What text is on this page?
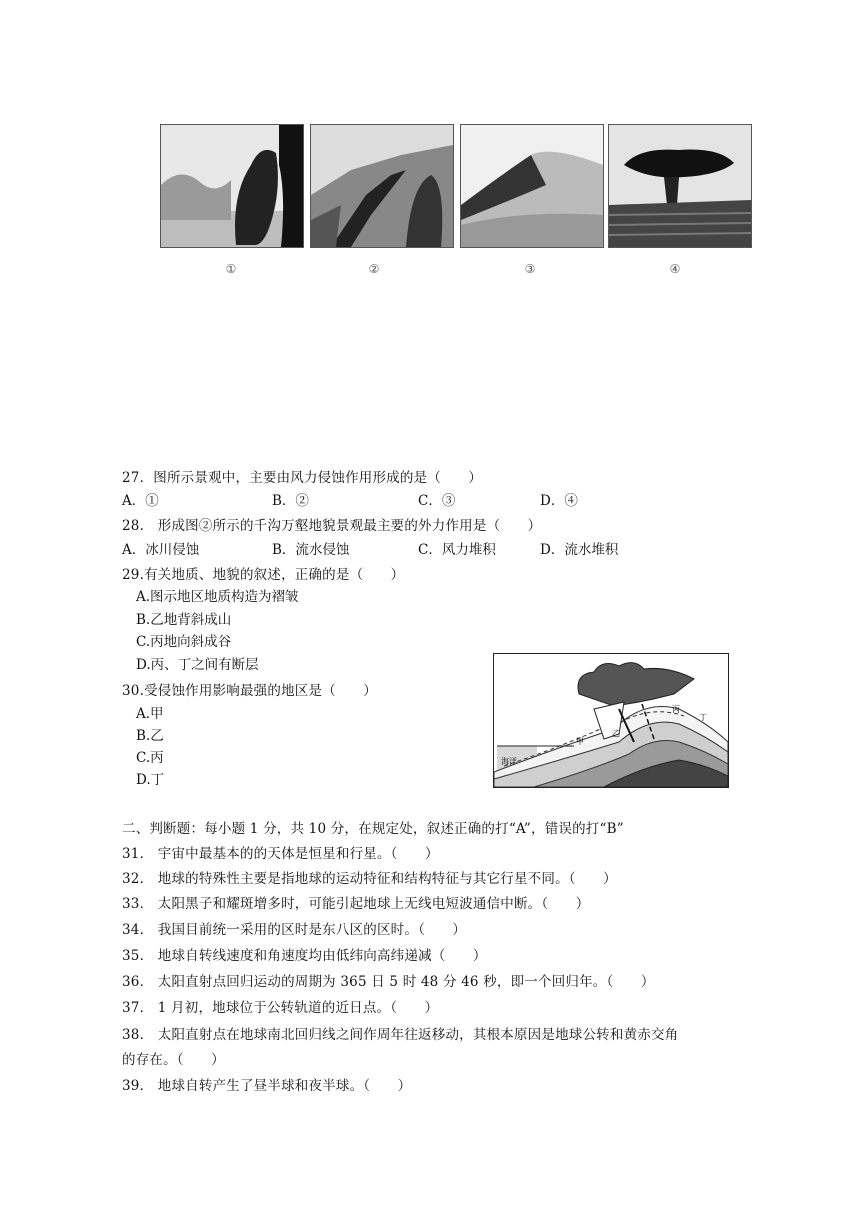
①	②	③	④
27．图所示景观中，主要由风力侵蚀作用形成的是（　　）
A．①	B．②	C．③	D．④
28． 形成图②所示的千沟万壑地貌景观最主要的外力作用是（　　）
A．冰川侵蚀	B．流水侵蚀	C．风力堆积	D．流水堆积
29.有关地质、地貌的叙述，正确的是（　　）
A.图示地区地质构造为褶皱
B.乙地背斜成山
C.丙地向斜成谷
D.丙、丁之间有断层
30.受侵蚀作用影响最强的地区是（　　）
A.甲
B.乙
C.丙
D.丁
海洋
甲
乙
丙
丁
二、判断题：每小题 1 分，共 10 分，在规定处，叙述正确的打“A”，错误的打“B”
31． 宇宙中最基本的的天体是恒星和行星。（　　）
32． 地球的特殊性主要是指地球的运动特征和结构特征与其它行星不同。（　　）
33． 太阳黑子和耀斑增多时，可能引起地球上无线电短波通信中断。（　　）
34． 我国目前统一采用的区时是东八区的区时。（　　）
35． 地球自转线速度和角速度均由低纬向高纬递减（　　）
36． 太阳直射点回归运动的周期为 365 日 5 时 48 分 46 秒，即一个回归年。（　　）
37． 1 月初，地球位于公转轨道的近日点。（　　）
38． 太阳直射点在地球南北回归线之间作周年往返移动，其根本原因是地球公转和黄赤交角
的存在。（　　）
39． 地球自转产生了昼半球和夜半球。（　　）
